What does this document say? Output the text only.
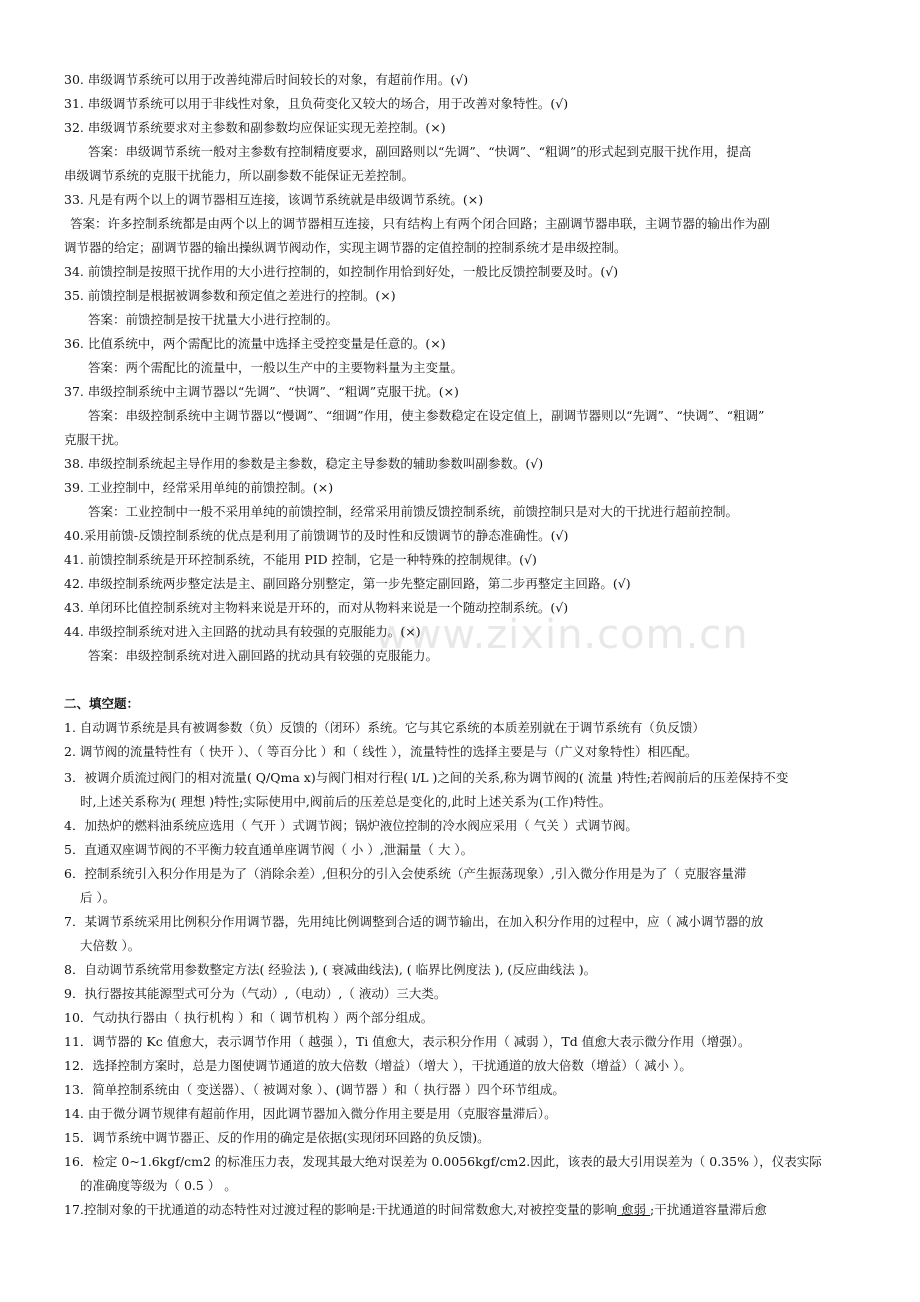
www.zixin.com.cn
30. 串级调节系统可以用于改善纯滞后时间较长的对象，有超前作用。(√)
31. 串级调节系统可以用于非线性对象，且负荷变化又较大的场合，用于改善对象特性。(√)
32. 串级调节系统要求对主参数和副参数均应保证实现无差控制。(×)
答案：串级调节系统一般对主参数有控制精度要求，副回路则以“先调”、“快调”、“粗调”的形式起到克服干扰作用，提高
串级调节系统的克服干扰能力，所以副参数不能保证无差控制。
33. 凡是有两个以上的调节器相互连接，该调节系统就是串级调节系统。(×)
答案：许多控制系统都是由两个以上的调节器相互连接，只有结构上有两个闭合回路；主副调节器串联，主调节器的输出作为副
调节器的给定；副调节器的输出操纵调节阀动作，实现主调节器的定值控制的控制系统才是串级控制。
34. 前馈控制是按照干扰作用的大小进行控制的，如控制作用恰到好处，一般比反馈控制要及时。(√)
35. 前馈控制是根据被调参数和预定值之差进行的控制。(×)
答案：前馈控制是按干扰量大小进行控制的。
36. 比值系统中，两个需配比的流量中选择主受控变量是任意的。(×)
答案：两个需配比的流量中，一般以生产中的主要物料量为主变量。
37. 串级控制系统中主调节器以“先调”、“快调”、“粗调”克服干扰。(×)
答案：串级控制系统中主调节器以“慢调”、“细调”作用，使主参数稳定在设定值上，副调节器则以“先调”、“快调”、“粗调”
克服干扰。
38. 串级控制系统起主导作用的参数是主参数，稳定主导参数的辅助参数叫副参数。(√)
39. 工业控制中，经常采用单纯的前馈控制。(×)
答案：工业控制中一般不采用单纯的前馈控制，经常采用前馈反馈控制系统，前馈控制只是对大的干扰进行超前控制。
40.采用前馈-反馈控制系统的优点是利用了前馈调节的及时性和反馈调节的静态准确性。(√)
41. 前馈控制系统是开环控制系统，不能用 PID 控制，它是一种特殊的控制规律。(√)
42. 串级控制系统两步整定法是主、副回路分别整定，第一步先整定副回路，第二步再整定主回路。(√)
43. 单闭环比值控制系统对主物料来说是开环的，而对从物料来说是一个随动控制系统。(√)
44. 串级控制系统对进入主回路的扰动具有较强的克服能力。(×)
答案：串级控制系统对进入副回路的扰动具有较强的克服能力。
二、填空题：
1. 自动调节系统是具有被调参数（负）反馈的（闭环）系统。它与其它系统的本质差别就在于调节系统有（负反馈）
2. 调节阀的流量特性有（ 快开 ）、（ 等百分比 ）和（ 线性 ），流量特性的选择主要是与（广义对象特性）相匹配。
3．被调介质流过阀门的相对流量( Q/Qma x)与阀门相对行程( l/L )之间的关系,称为调节阀的( 流量 )特性;若阀前后的压差保持不变
时,上述关系称为( 理想 )特性;实际使用中,阀前后的压差总是变化的,此时上述关系为(工作)特性。
4．加热炉的燃料油系统应选用（ 气开 ）式调节阀；锅炉液位控制的冷水阀应采用（ 气关 ）式调节阀。
5．直通双座调节阀的不平衡力较直通单座调节阀（ 小 ）,泄漏量（ 大 ）。
6．控制系统引入积分作用是为了（消除余差）,但积分的引入会使系统（产生振荡现象）,引入微分作用是为了（ 克服容量滞
后 ）。
7．某调节系统采用比例积分作用调节器，先用纯比例调整到合适的调节输出，在加入积分作用的过程中，应（ 减小调节器的放
大倍数 ）。
8．自动调节系统常用参数整定方法( 经验法 ), ( 衰减曲线法), ( 临界比例度法 ), (反应曲线法 )。
9．执行器按其能源型式可分为（气动）,（电动）,（ 液动）三大类。
10．气动执行器由（ 执行机构 ）和（ 调节机构 ）两个部分组成。
11．调节器的 Kc 值愈大，表示调节作用（ 越强 ），Ti 值愈大，表示积分作用（ 减弱 ），Td 值愈大表示微分作用（增强）。
12．选择控制方案时，总是力图使调节通道的放大倍数（增益）（增大 ），干扰通道的放大倍数（增益）（ 减小 ）。
13．简单控制系统由（ 变送器）、（ 被调对象 ）、(调节器 ）和（ 执行器 ）四个环节组成。
14. 由于微分调节规律有超前作用，因此调节器加入微分作用主要是用（克服容量滞后）。
15．调节系统中调节器正、反的作用的确定是依据(实现闭环回路的负反馈)。
16．检定 0~1.6kgf/cm2 的标准压力表，发现其最大绝对误差为 0.0056kgf/cm2.因此，该表的最大引用误差为（ 0.35% ），仪表实际
的准确度等级为（ 0.5 ） 。
17.控制对象的干扰通道的动态特性对过渡过程的影响是:干扰通道的时间常数愈大,对被控变量的影响 愈弱 ;干扰通道容量滞后愈
